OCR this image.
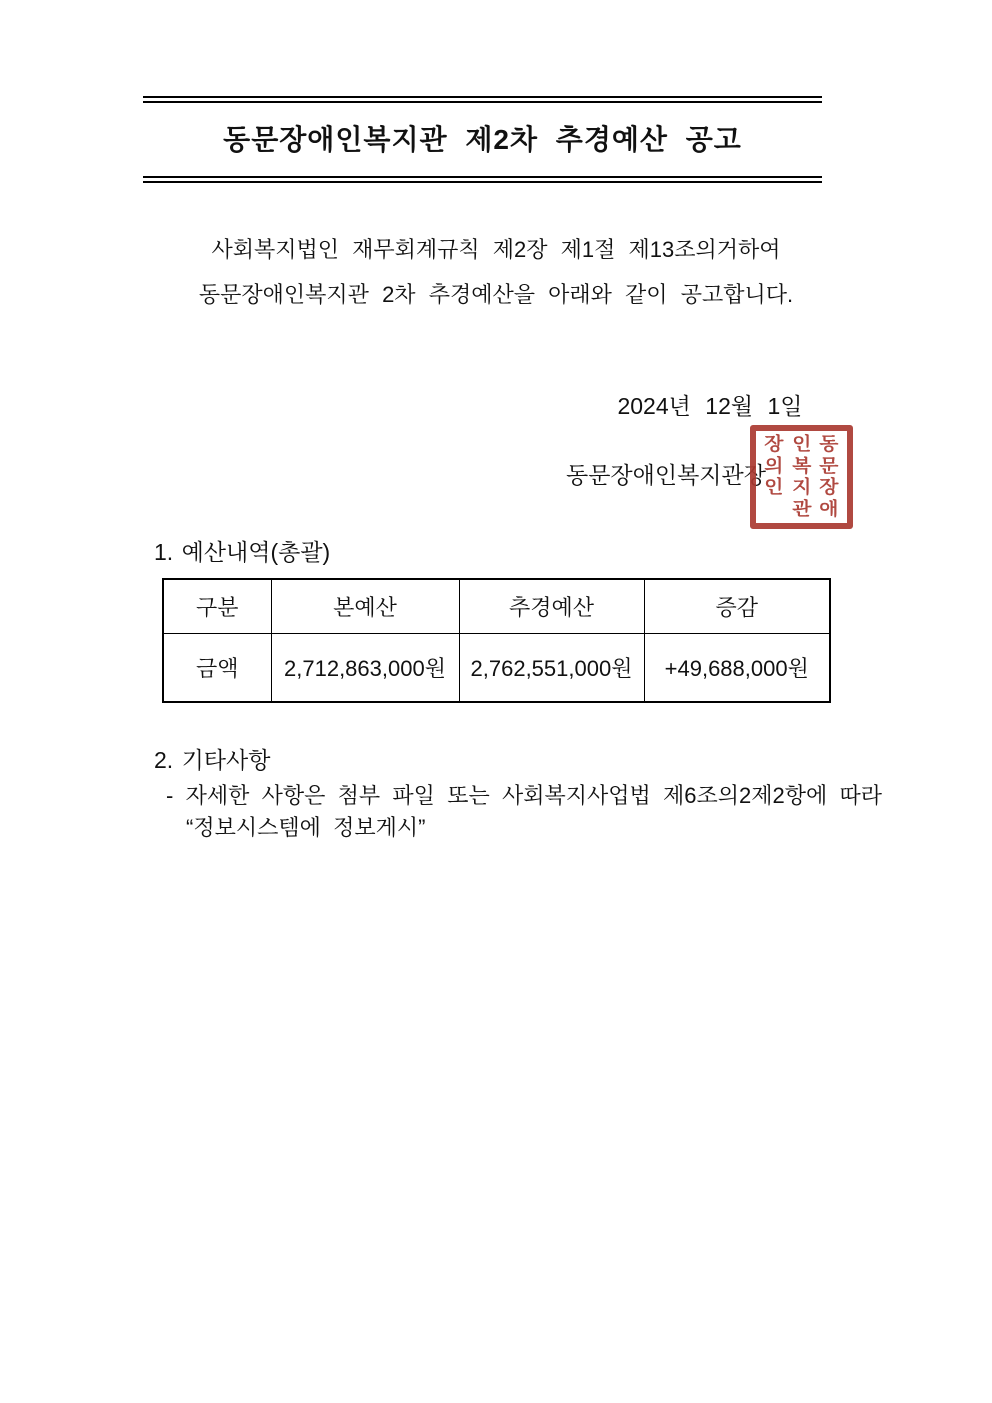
동문장애인복지관 제2차 추경예산 공고
사회복지법인 재무회계규칙 제2장 제1절 제13조의거하여
동문장애인복지관 2차 추경예산을 아래와 같이 공고합니다.
2024년 12월 1일
동문장애인복지관장
장
의
인
인
복
지
관
동
문
장
애
1. 예산내역(총괄)
구분	본예산	추경예산	증감
금액	2,712,863,000원	2,762,551,000원	+49,688,000원
2. 기타사항
- 자세한 사항은 첨부 파일 또는 사회복지사업법 제6조의2제2항에 따라
“정보시스템에 정보게시”
